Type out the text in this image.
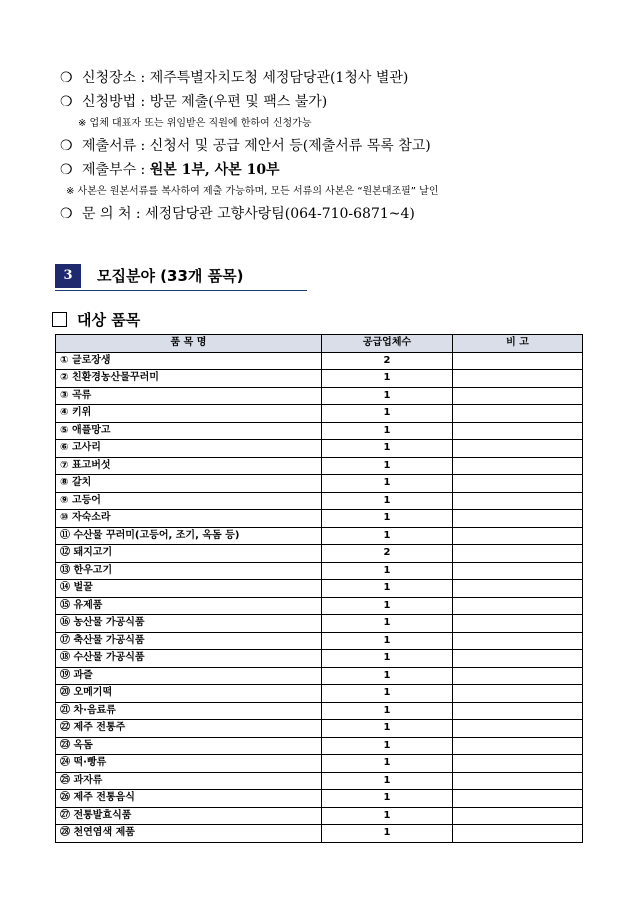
❍ 신청장소 : 제주특별자치도청 세정담당관(1청사 별관)
❍ 신청방법 : 방문 제출(우편 및 팩스 불가)
※ 업체 대표자 또는 위임받은 직원에 한하여 신청가능
❍ 제출서류 : 신청서 및 공급 제안서 등(제출서류 목록 참고)
❍ 제출부수 : 원본 1부, 사본 10부
※ 사본은 원본서류를 복사하여 제출 가능하며, 모든 서류의 사본은 “원본대조필” 날인
❍ 문 의 처 : 세정담당관 고향사랑팀(064-710-6871~4)
3	모집분야 (33개 품목)
대상 품목
품 목 명	공급업체수	비 고
① 글로장생	2	
② 친환경농산물꾸러미	1	
③ 곡류	1	
④ 키위	1	
⑤ 애플망고	1	
⑥ 고사리	1	
⑦ 표고버섯	1	
⑧ 갈치	1	
⑨ 고등어	1	
⑩ 자숙소라	1	
⑪ 수산물 꾸러미(고등어, 조기, 옥돔 등)	1	
⑫ 돼지고기	2	
⑬ 한우고기	1	
⑭ 벌꿀	1	
⑮ 유제품	1	
⑯ 농산물 가공식품	1	
⑰ 축산물 가공식품	1	
⑱ 수산물 가공식품	1	
⑲ 과즐	1	
⑳ 오메기떡	1	
㉑ 차·음료류	1	
㉒ 제주 전통주	1	
㉓ 옥돔	1	
㉔ 떡·빵류	1	
㉕ 과자류	1	
㉖ 제주 전통음식	1	
㉗ 전통발효식품	1	
㉘ 천연염색 제품	1	
